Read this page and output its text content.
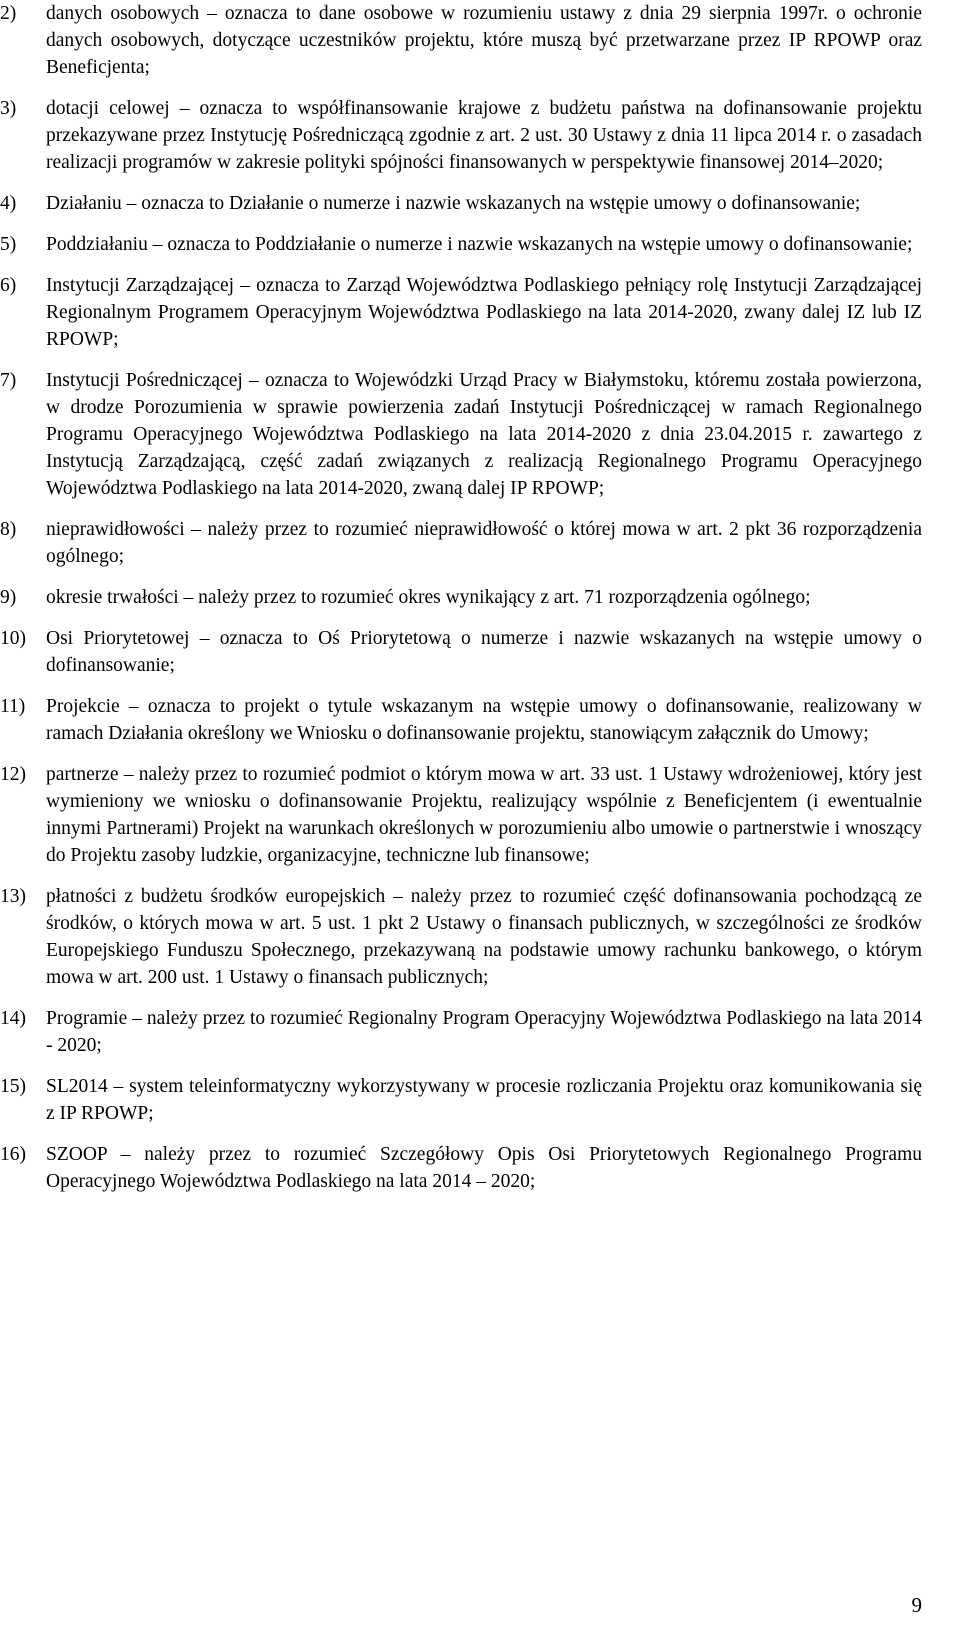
2) danych osobowych – oznacza to dane osobowe w rozumieniu ustawy z dnia 29 sierpnia 1997r. o ochronie danych osobowych, dotyczące uczestników projektu, które muszą być przetwarzane przez IP RPOWP oraz Beneficjenta;
3) dotacji celowej – oznacza to współfinansowanie krajowe z budżetu państwa na dofinansowanie projektu przekazywane przez Instytucję Pośredniczącą zgodnie z art. 2 ust. 30 Ustawy z dnia 11 lipca 2014 r. o zasadach realizacji programów w zakresie polityki spójności finansowanych w perspektywie finansowej 2014–2020;
4) Działaniu – oznacza to Działanie o numerze i nazwie wskazanych na wstępie umowy o dofinansowanie;
5) Poddziałaniu – oznacza to Poddziałanie o numerze i nazwie wskazanych na wstępie umowy o dofinansowanie;
6) Instytucji Zarządzającej – oznacza to Zarząd Województwa Podlaskiego pełniący rolę Instytucji Zarządzającej Regionalnym Programem Operacyjnym Województwa Podlaskiego na lata 2014-2020, zwany dalej IZ lub IZ RPOWP;
7) Instytucji Pośredniczącej – oznacza to Wojewódzki Urząd Pracy w Białymstoku, któremu została powierzona, w drodze Porozumienia w sprawie powierzenia zadań Instytucji Pośredniczącej w ramach Regionalnego Programu Operacyjnego Województwa Podlaskiego na lata 2014-2020 z dnia 23.04.2015 r. zawartego z Instytucją Zarządzającą, część zadań związanych z realizacją Regionalnego Programu Operacyjnego Województwa Podlaskiego na lata 2014-2020, zwaną dalej IP RPOWP;
8) nieprawidłowości – należy przez to rozumieć nieprawidłowość o której mowa w art. 2 pkt 36 rozporządzenia ogólnego;
9) okresie trwałości – należy przez to rozumieć okres wynikający z art. 71 rozporządzenia ogólnego;
10) Osi Priorytetowej – oznacza to Oś Priorytetową o numerze i nazwie wskazanych na wstępie umowy o dofinansowanie;
11) Projekcie – oznacza to projekt o tytule wskazanym na wstępie umowy o dofinansowanie, realizowany w ramach Działania określony we Wniosku o dofinansowanie projektu, stanowiącym załącznik do Umowy;
12) partnerze – należy przez to rozumieć podmiot o którym mowa w art. 33 ust. 1 Ustawy wdrożeniowej, który jest wymieniony we wniosku o dofinansowanie Projektu, realizujący wspólnie z Beneficjentem (i ewentualnie innymi Partnerami) Projekt na warunkach określonych w porozumieniu albo umowie o partnerstwie i wnoszący do Projektu zasoby ludzkie, organizacyjne, techniczne lub finansowe;
13) płatności z budżetu środków europejskich – należy przez to rozumieć część dofinansowania pochodzącą ze środków, o których mowa w art. 5 ust. 1 pkt 2 Ustawy o finansach publicznych, w szczególności ze środków Europejskiego Funduszu Społecznego, przekazywaną na podstawie umowy rachunku bankowego, o którym mowa w art. 200 ust. 1 Ustawy o finansach publicznych;
14) Programie – należy przez to rozumieć Regionalny Program Operacyjny Województwa Podlaskiego na lata 2014 - 2020;
15) SL2014 – system teleinformatyczny wykorzystywany w procesie rozliczania Projektu oraz komunikowania się z IP RPOWP;
16) SZOOP – należy przez to rozumieć Szczegółowy Opis Osi Priorytetowych Regionalnego Programu Operacyjnego Województwa Podlaskiego na lata 2014 – 2020;
9
